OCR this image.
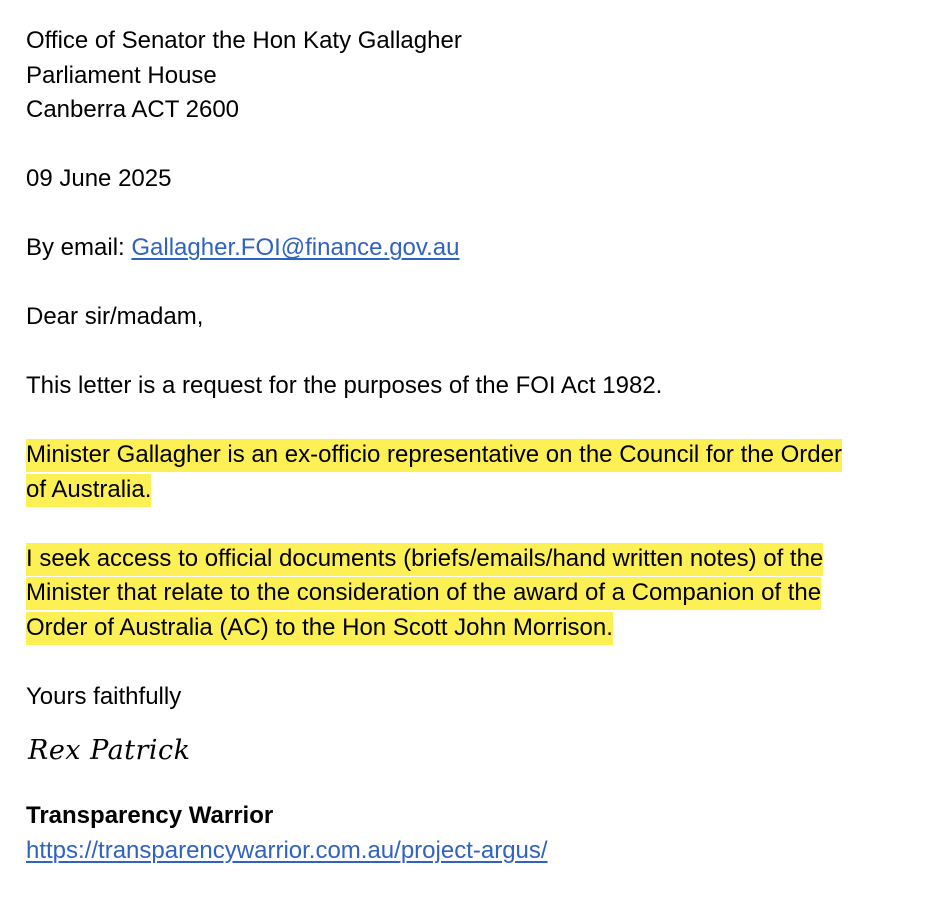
Office of Senator the Hon Katy Gallagher
Parliament House
Canberra ACT 2600
09 June 2025
By email: Gallagher.FOI@finance.gov.au
Dear sir/madam,
This letter is a request for the purposes of the FOI Act 1982.
Minister Gallagher is an ex-officio representative on the Council for the Order
of Australia.
I seek access to official documents (briefs/emails/hand written notes) of the
Minister that relate to the consideration of the award of a Companion of the
Order of Australia (AC) to the Hon Scott John Morrison.
Yours faithfully
Rex Patrick
Transparency Warrior
https://transparencywarrior.com.au/project-argus/
